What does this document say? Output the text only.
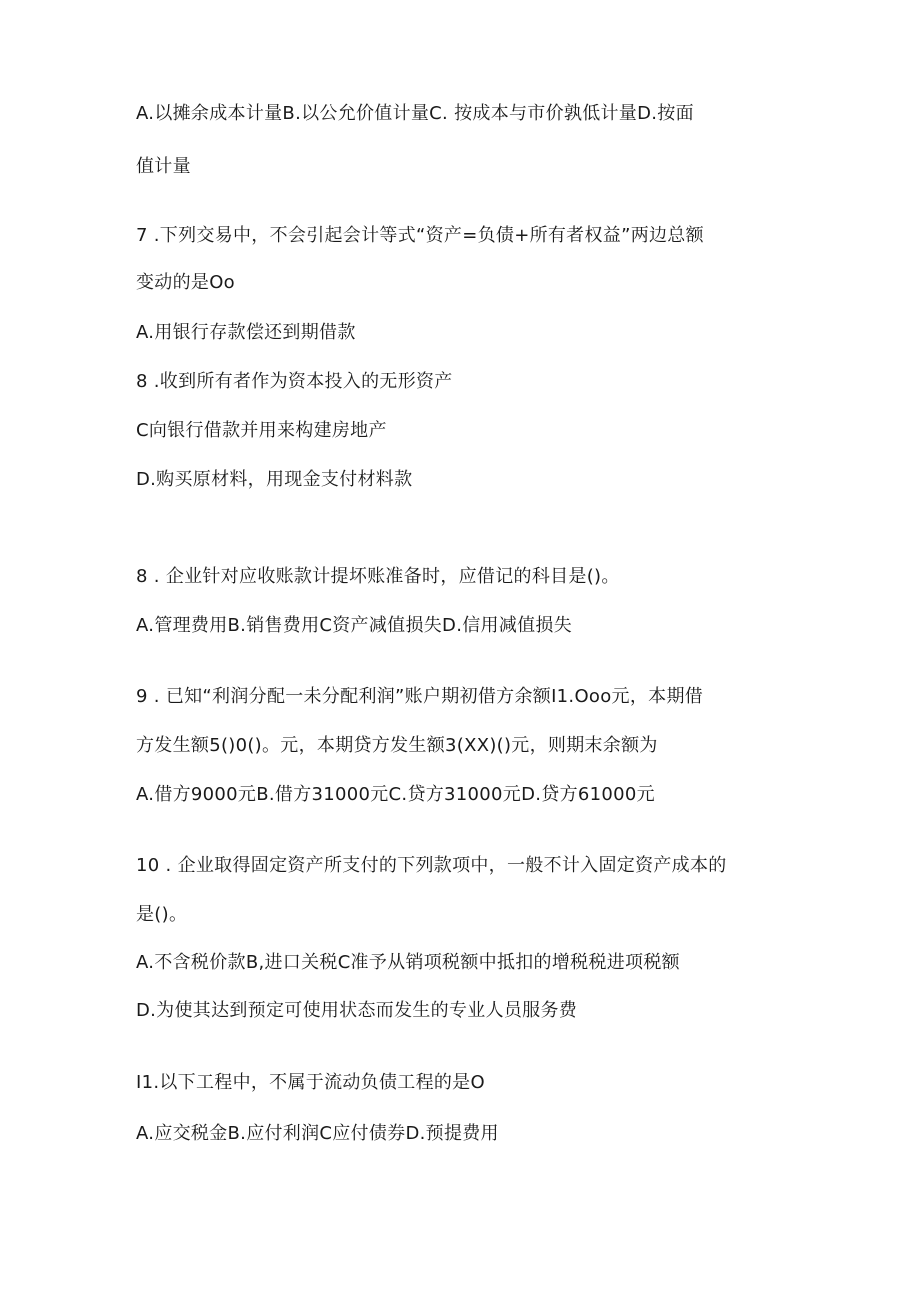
A.以摊余成本计量B.以公允价值计量C. 按成本与市价孰低计量D.按面
值计量
7 .下列交易中，不会引起会计等式“资产=负债+所有者权益”两边总额
变动的是Oo
A.用银行存款偿还到期借款
8 .收到所有者作为资本投入的无形资产
C向银行借款并用来构建房地产
D.购买原材料，用现金支付材料款
8 . 企业针对应收账款计提坏账准备时，应借记的科目是()。
A.管理费用B.销售费用C资产减值损失D.信用减值损失
9 . 已知“利润分配一未分配利润”账户期初借方余额I1.Ooo元，本期借
方发生额5()0()。元，本期贷方发生额3(XX)()元，则期末余额为
A.借方9000元B.借方31000元C.贷方31000元D.贷方61000元
10 . 企业取得固定资产所支付的下列款项中，一般不计入固定资产成本的
是()。
A.不含税价款B,进口关税C准予从销项税额中抵扣的增税税进项税额
D.为使其达到预定可使用状态而发生的专业人员服务费
I1.以下工程中，不属于流动负债工程的是O
A.应交税金B.应付利润C应付债券D.预提费用
